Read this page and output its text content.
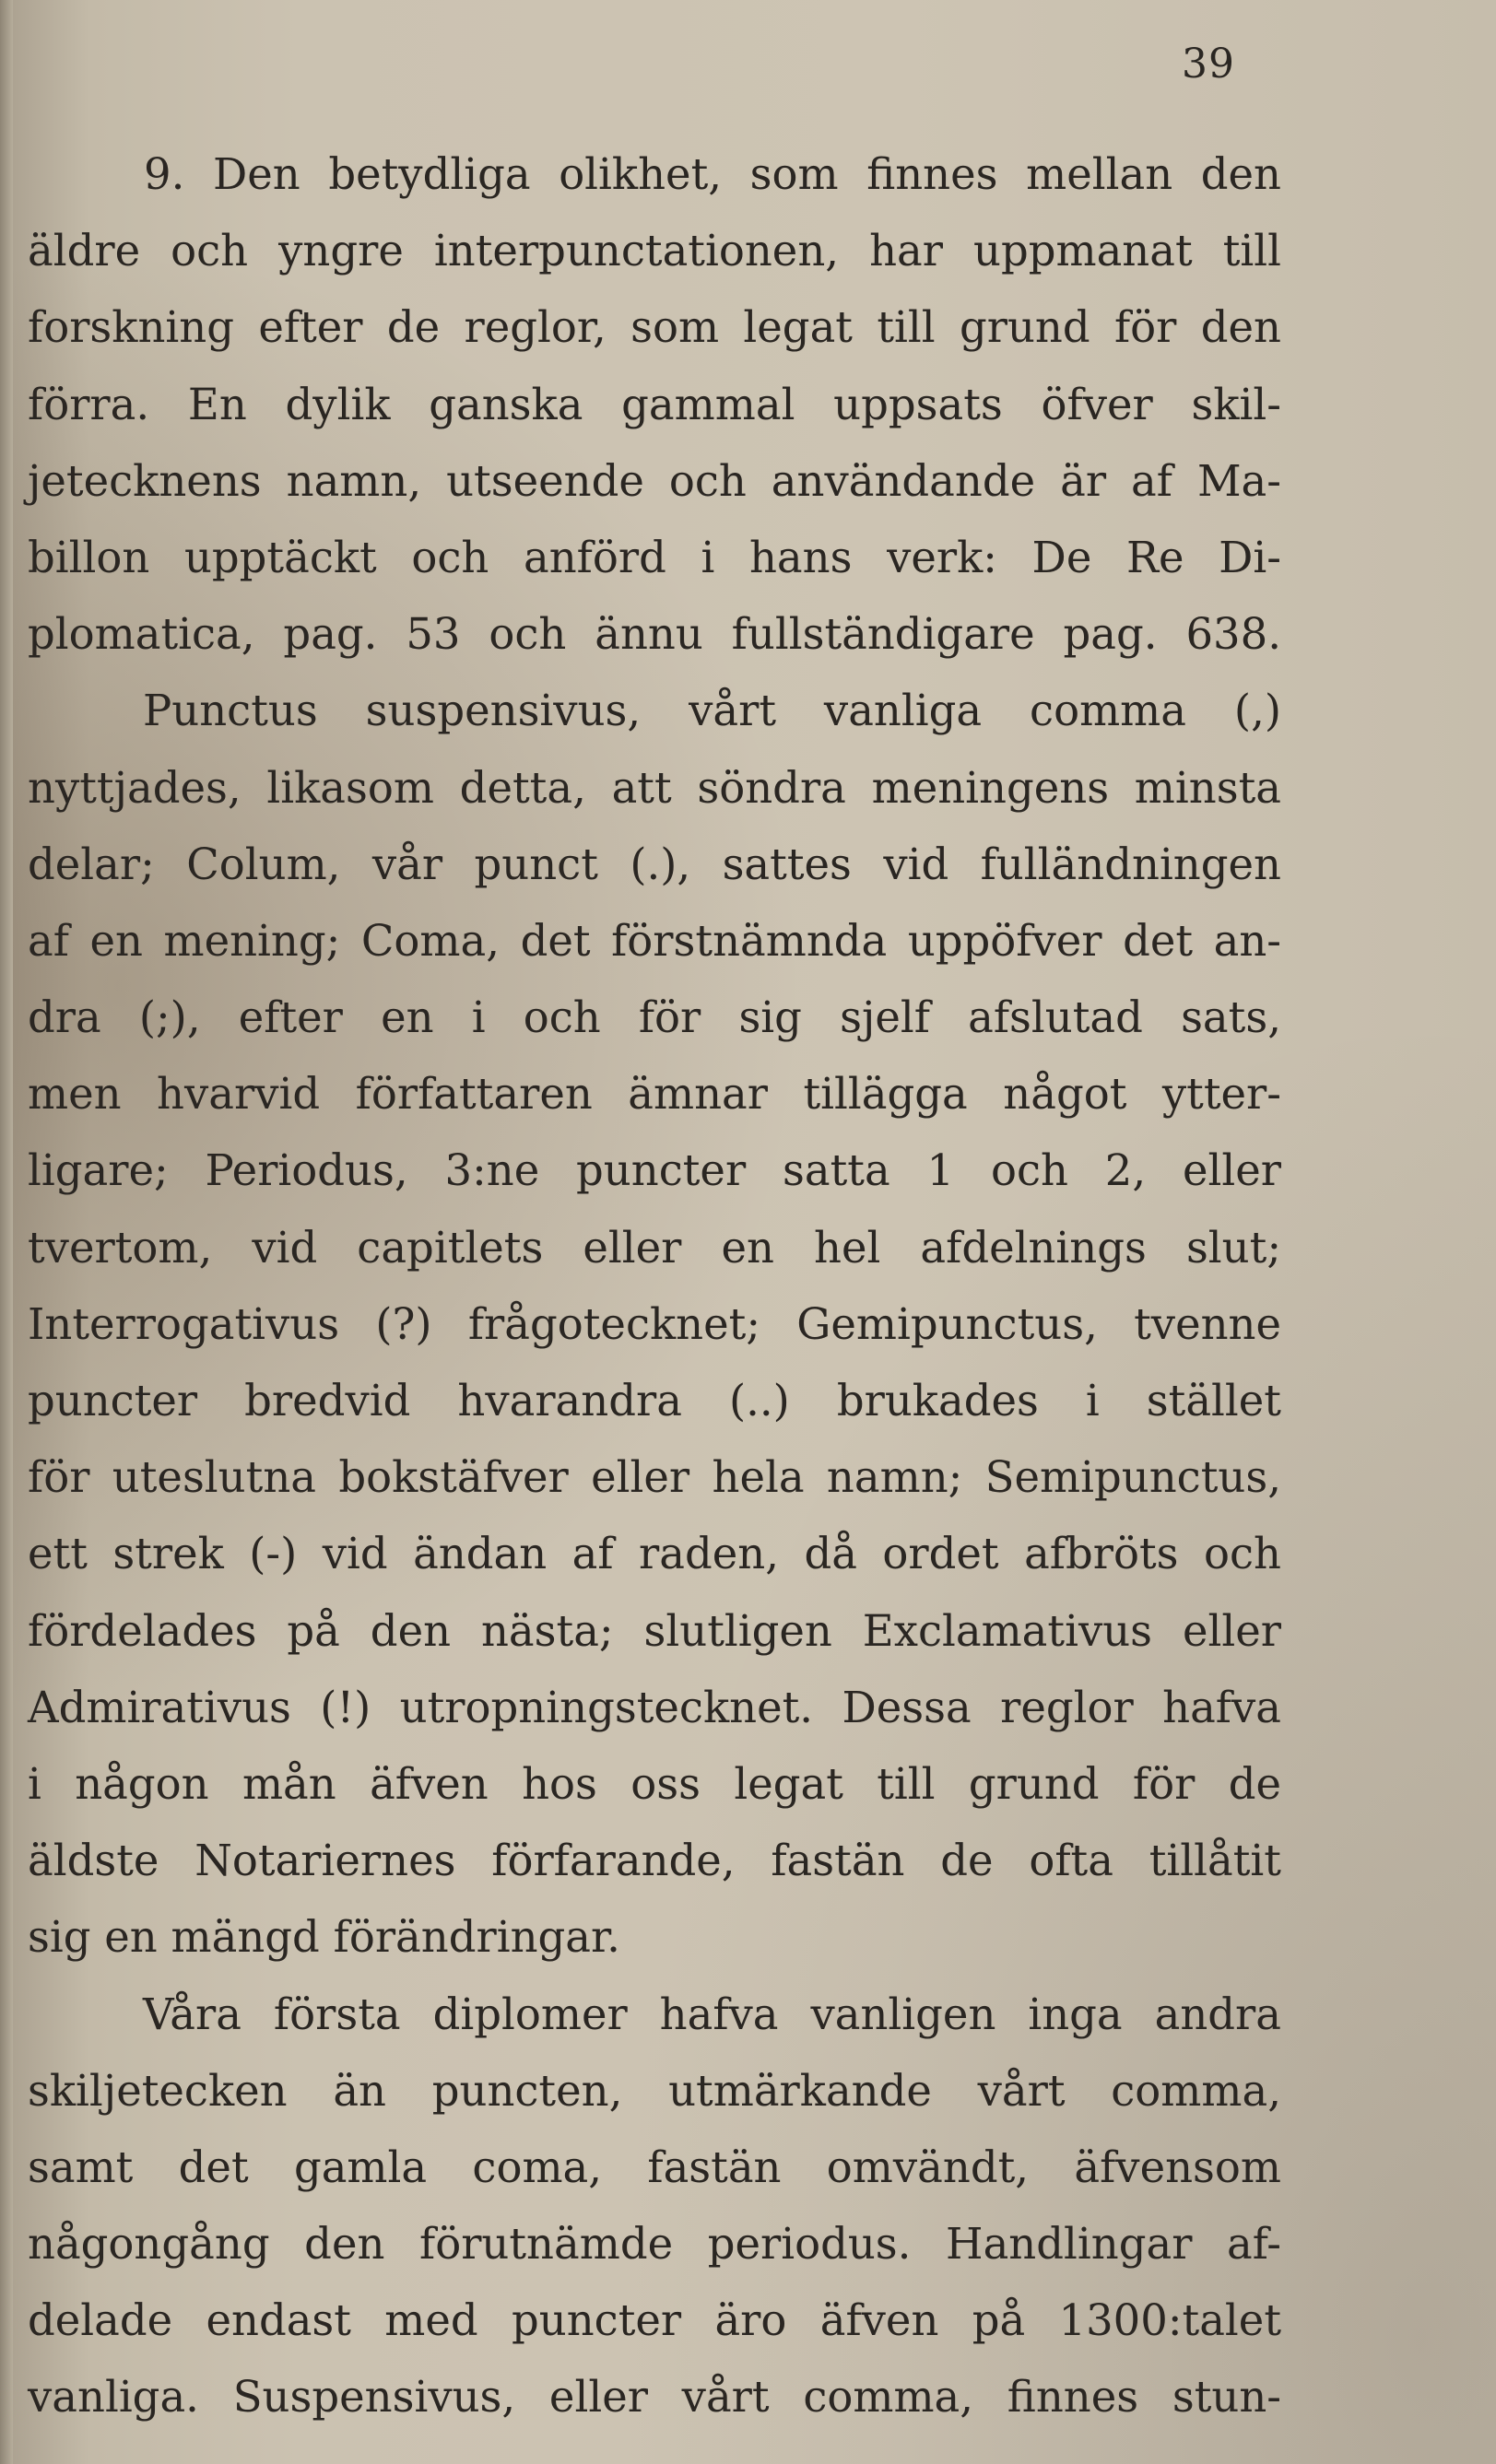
39
9. Den betydliga olikhet, som finnes mellan den
äldre och yngre interpunctationen, har uppmanat till
forskning efter de reglor, som legat till grund för den
förra. En dylik ganska gammal uppsats öfver skil-
jetecknens namn, utseende och användande är af Ma-
billon upptäckt och anförd i hans verk: De Re Di-
plomatica, pag. 53 och ännu fullständigare pag. 638.
Punctus suspensivus, vårt vanliga comma (,)
nyttjades, likasom detta, att söndra meningens minsta
delar; Colum, vår punct (.), sattes vid fulländningen
af en mening; Coma, det förstnämnda uppöfver det an-
dra (;), efter en i och för sig sjelf afslutad sats,
men hvarvid författaren ämnar tillägga något ytter-
ligare; Periodus, 3:ne puncter satta 1 och 2, eller
tvertom, vid capitlets eller en hel afdelnings slut;
Interrogativus (?) frågotecknet; Gemipunctus, tvenne
puncter bredvid hvarandra (..) brukades i stället
för uteslutna bokstäfver eller hela namn; Semipunctus,
ett strek (-) vid ändan af raden, då ordet afbröts och
fördelades på den nästa; slutligen Exclamativus eller
Admirativus (!) utropningstecknet. Dessa reglor hafva
i någon mån äfven hos oss legat till grund för de
äldste Notariernes förfarande, fastän de ofta tillåtit
sig en mängd förändringar.
Våra första diplomer hafva vanligen inga andra
skiljetecken än puncten, utmärkande vårt comma,
samt det gamla coma, fastän omvändt, äfvensom
någongång den förutnämde periodus. Handlingar af-
delade endast med puncter äro äfven på 1300:talet
vanliga. Suspensivus, eller vårt comma, finnes stun-
